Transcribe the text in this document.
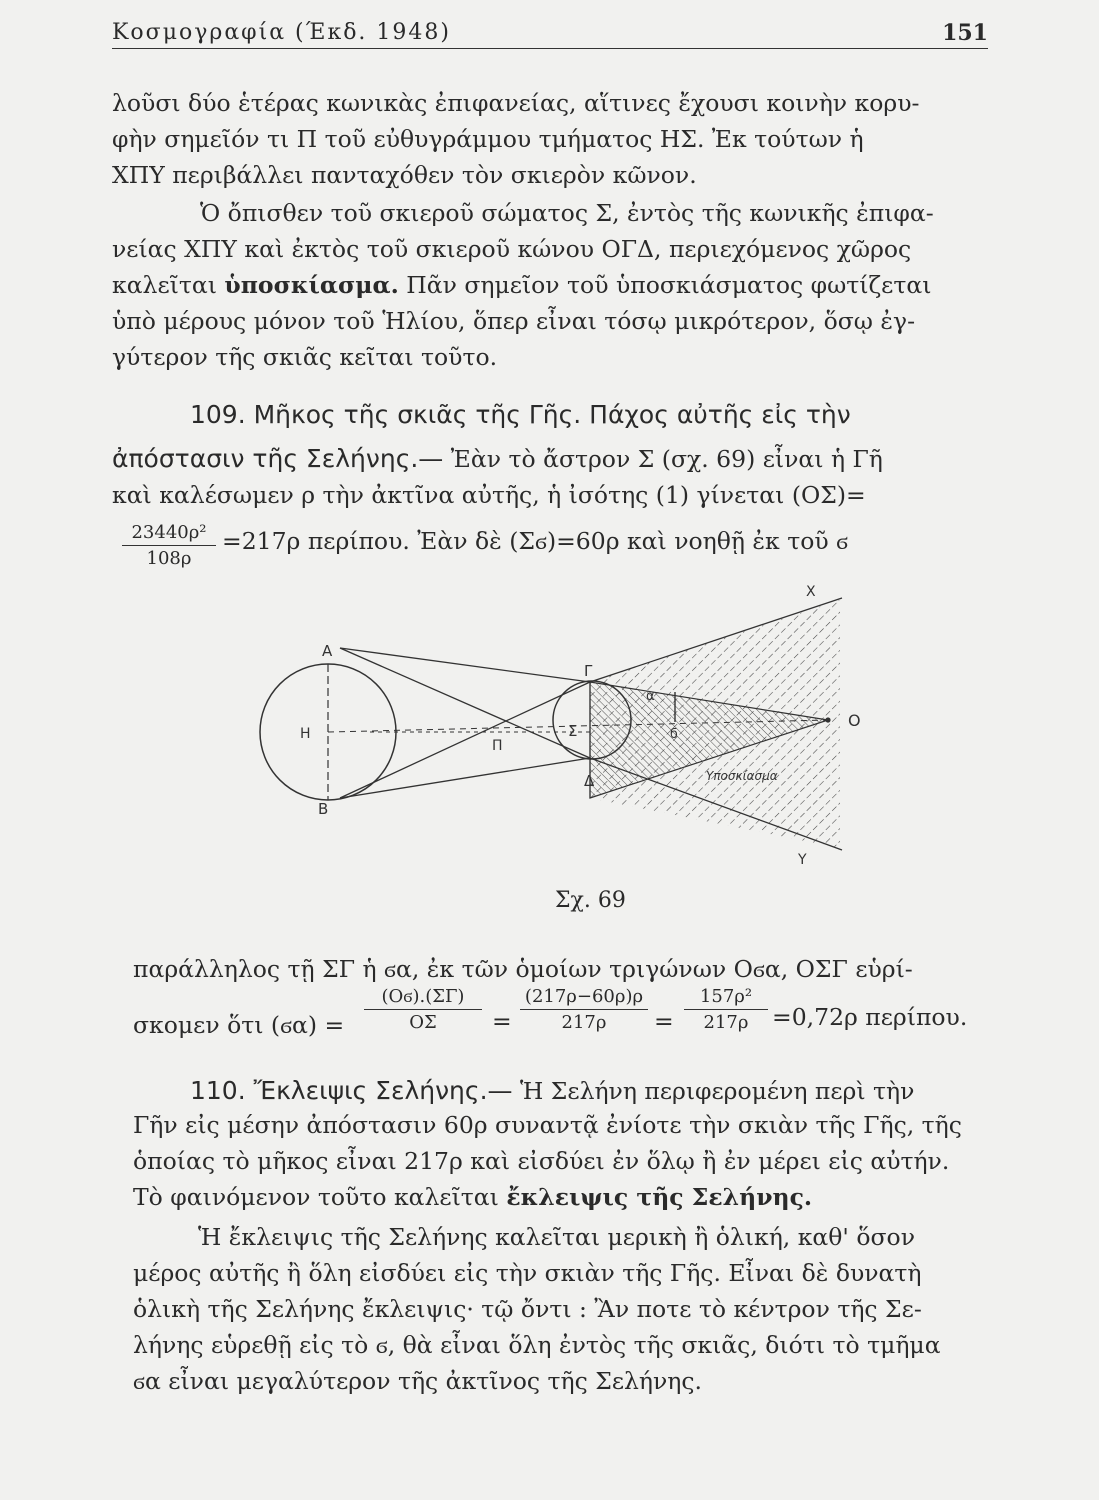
Κοσμογραφία (Έκδ. 1948)	151
λοῦσι δύο ἑτέρας κωνικὰς ἐπιφανείας, αἵτινες ἔχουσι κοινὴν κορυ-
φὴν σημεῖόν τι Π τοῦ εὐθυγράμμου τμήματος ΗΣ. Ἐκ τούτων ἡ
ΧΠΥ περιβάλλει πανταχόθεν τὸν σκιερὸν κῶνον.
Ὁ ὄπισθεν τοῦ σκιεροῦ σώματος Σ, ἐντὸς τῆς κωνικῆς ἐπιφα-
νείας ΧΠΥ καὶ ἐκτὸς τοῦ σκιεροῦ κώνου ΟΓΔ, περιεχόμενος χῶρος
καλεῖται ὑποσκίασμα. Πᾶν σημεῖον τοῦ ὑποσκιάσματος φωτίζεται
ὑπὸ μέρους μόνον τοῦ Ἡλίου, ὅπερ εἶναι τόσῳ μικρότερον, ὅσῳ ἐγ-
γύτερον τῆς σκιᾶς κεῖται τοῦτο.
109. Μῆκος τῆς σκιᾶς τῆς Γῆς. Πάχος αὐτῆς εἰς τὴν
ἀπόστασιν τῆς Σελήνης.— Ἐὰν τὸ ἄστρον Σ (σχ. 69) εἶναι ἡ Γῆ
καὶ καλέσωμεν ρ τὴν ἀκτῖνα αὐτῆς, ἡ ἰσότης (1) γίνεται (ΟΣ)=
$\frac{\text{23440ρ²}}{108\rho} =217\rho$ περίπου. Ἐὰν δὲ (Σϭ)=60ρ καὶ νοηθῇ ἐκ τοῦ ϭ
Α
Β
Η
Π
Γ
Δ
Σ
α
ϭ
Ο
Χ
Υ
Υποσκίασμα
Σχ. 69
παράλληλος τῇ ΣΓ ἡ ϭα, ἐκ τῶν ὁμοίων τριγώνων Οϭα, ΟΣΓ εὑρί-
σκομεν ὅτι (ϭα) =
(Οϭ).(ΣΓ)
ΟΣ	= $\frac{(217\rho-60\rho)\rho}{217\rho} = \frac{\text{157ρ²}}{217\rho} =0,72\rho$ περίπου.
110. Ἔκλειψις Σελήνης.— Ἡ Σελήνη περιφερομένη περὶ τὴν
Γῆν εἰς μέσην ἀπόστασιν 60ρ συναντᾷ ἐνίοτε τὴν σκιὰν τῆς Γῆς, τῆς
ὁποίας τὸ μῆκος εἶναι 217ρ καὶ εἰσδύει ἐν ὅλῳ ἢ ἐν μέρει εἰς αὐτήν.
Τὸ φαινόμενον τοῦτο καλεῖται ἔκλειψις τῆς Σελήνης.
Ἡ ἔκλειψις τῆς Σελήνης καλεῖται μερικὴ ἢ ὁλική, καθ' ὅσον
μέρος αὐτῆς ἢ ὅλη εἰσδύει εἰς τὴν σκιὰν τῆς Γῆς. Εἶναι δὲ δυνατὴ
ὁλικὴ τῆς Σελήνης ἔκλειψις· τῷ ὄντι : Ἂν ποτε τὸ κέντρον τῆς Σε-
λήνης εὑρεθῇ εἰς τὸ ϭ, θὰ εἶναι ὅλη ἐντὸς τῆς σκιᾶς, διότι τὸ τμῆμα
ϭα εἶναι μεγαλύτερον τῆς ἀκτῖνος τῆς Σελήνης.
